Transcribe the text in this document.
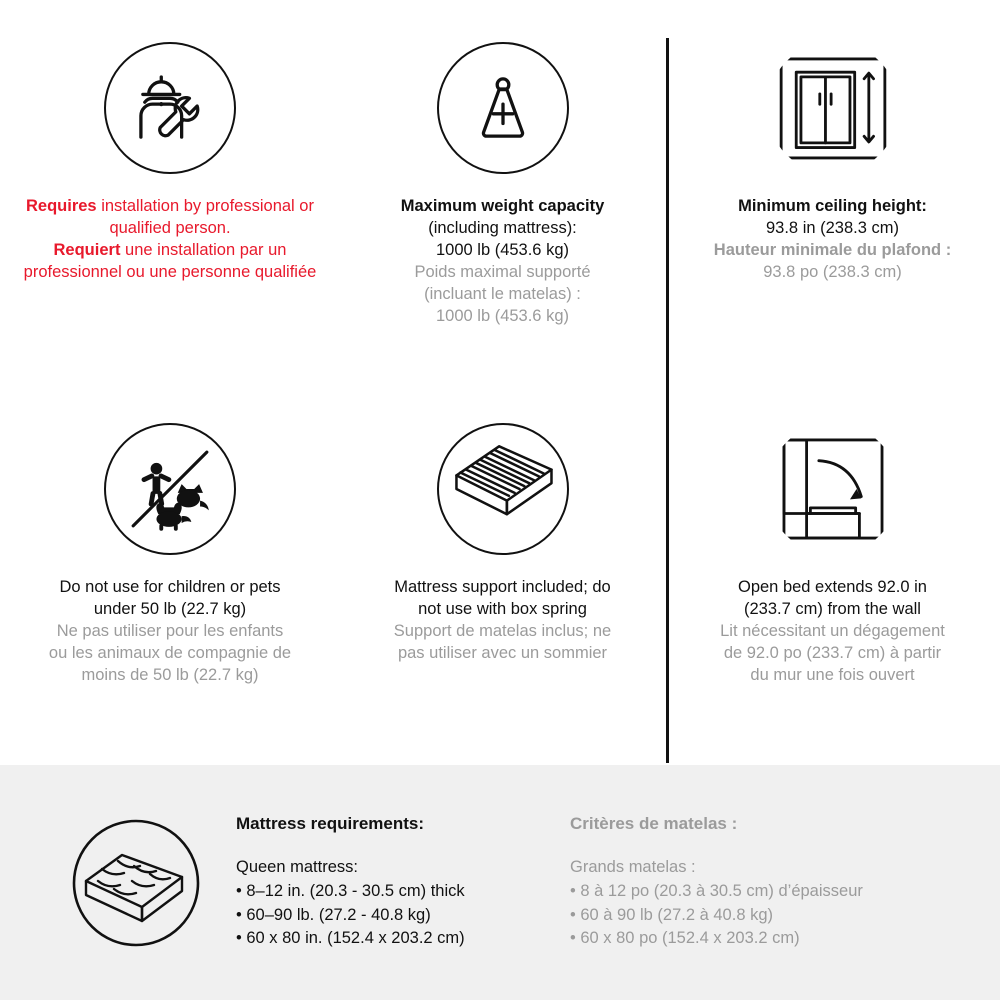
Requires installation by professional or qualified person.
Requiert une installation par un professionnel ou une personne qualifiée
Maximum weight capacity
(including mattress):
1000 lb (453.6 kg)
Poids maximal supporté
(incluant le matelas) :
1000 lb (453.6 kg)
Minimum ceiling height:
93.8 in (238.3 cm)
Hauteur minimale du plafond :
93.8 po (238.3 cm)
Do not use for children or pets
under 50 lb (22.7 kg)
Ne pas utiliser pour les enfants
ou les animaux de compagnie de
moins de 50 lb (22.7 kg)
Mattress support included; do
not use with box spring
Support de matelas inclus; ne
pas utiliser avec un sommier
Open bed extends 92.0 in
(233.7 cm) from the wall
Lit nécessitant un dégagement
de 92.0 po (233.7 cm) à partir
du mur une fois ouvert
Mattress requirements:
Queen mattress:
• 8–12 in. (20.3 - 30.5 cm) thick
• 60–90 lb. (27.2 - 40.8 kg)
• 60 x 80 in. (152.4 x 203.2 cm)
Critères de matelas :
Grands matelas :
• 8 à 12 po (20.3 à 30.5 cm) d’épaisseur
• 60 à 90 lb (27.2 à 40.8 kg)
• 60 x 80 po (152.4 x 203.2 cm)
